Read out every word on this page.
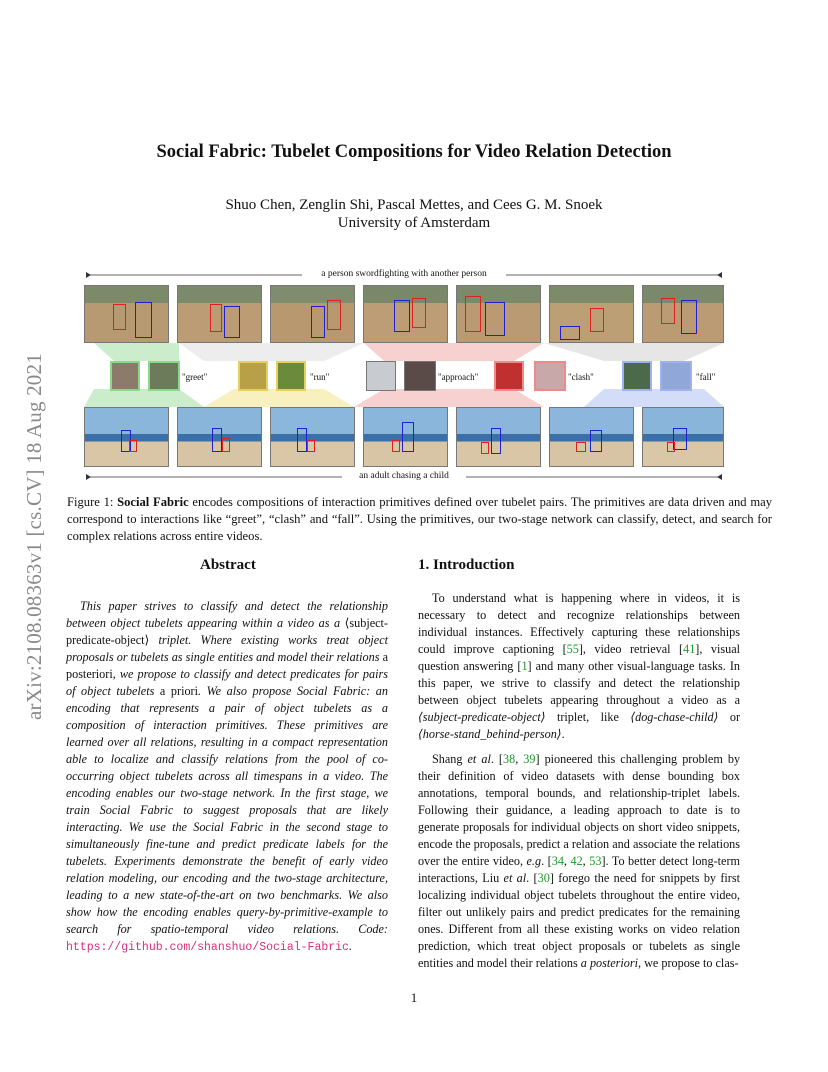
arXiv:2108.08363v1 [cs.CV] 18 Aug 2021
Social Fabric: Tubelet Compositions for Video Relation Detection
Shuo Chen, Zenglin Shi, Pascal Mettes, and Cees G. M. Snoek
University of Amsterdam
a person swordfighting with another person
"greet"	"run"	"approach"	"clash"	"fall"
an adult chasing a child
Figure 1: Social Fabric encodes compositions of interaction primitives defined over tubelet pairs. The primitives are data driven and may correspond to interactions like “greet”, “clash” and “fall”. Using the primitives, our two-stage network can classify, detect, and search for complex relations across entire videos.
Abstract	1. Introduction

This paper strives to classify and detect the relationship between object tubelets appearing within a video as a ⟨subject-predicate-object⟩ triplet. Where existing works treat object proposals or tubelets as single entities and model their relations a posteriori, we propose to classify and detect predicates for pairs of object tubelets a priori. We also propose Social Fabric: an encoding that represents a pair of object tubelets as a composition of interaction primitives. These primitives are learned over all relations, resulting in a compact representation able to localize and classify relations from the pool of co-occurring object tubelets across all timespans in a video. The encoding enables our two-stage network. In the first stage, we train Social Fabric to suggest proposals that are likely interacting. We use the Social Fabric in the second stage to simultaneously fine-tune and predict predicate labels for the tubelets. Experiments demonstrate the benefit of early video relation modeling, our encoding and the two-stage architecture, leading to a new state-of-the-art on two benchmarks. We also show how the encoding enables query-by-primitive-example to search for spatio-temporal video relations. Code: https://github.com/shanshuo/Social-Fabric.

To understand what is happening where in videos, it is necessary to detect and recognize relationships between individual instances. Effectively capturing these relationships could improve captioning [55], video retrieval [41], visual question answering [1] and many other visual-language tasks. In this paper, we strive to classify and detect the relationship between object tubelets appearing throughout a video as a ⟨subject-predicate-object⟩ triplet, like ⟨dog-chase-child⟩ or ⟨horse-stand_behind-person⟩.

Shang et al. [38, 39] pioneered this challenging problem by their definition of video datasets with dense bounding box annotations, temporal bounds, and relationship-triplet labels. Following their guidance, a leading approach to date is to generate proposals for individual objects on short video snippets, encode the proposals, predict a relation and associate the relations over the entire video, e.g. [34, 42, 53]. To better detect long-term interactions, Liu et al. [30] forego the need for snippets by first localizing individual object tubelets throughout the entire video, filter out unlikely pairs and predict predicates for the remaining ones. Different from all these existing works on video relation prediction, which treat object proposals or tubelets as single entities and model their relations a posteriori, we propose to clas-

1
